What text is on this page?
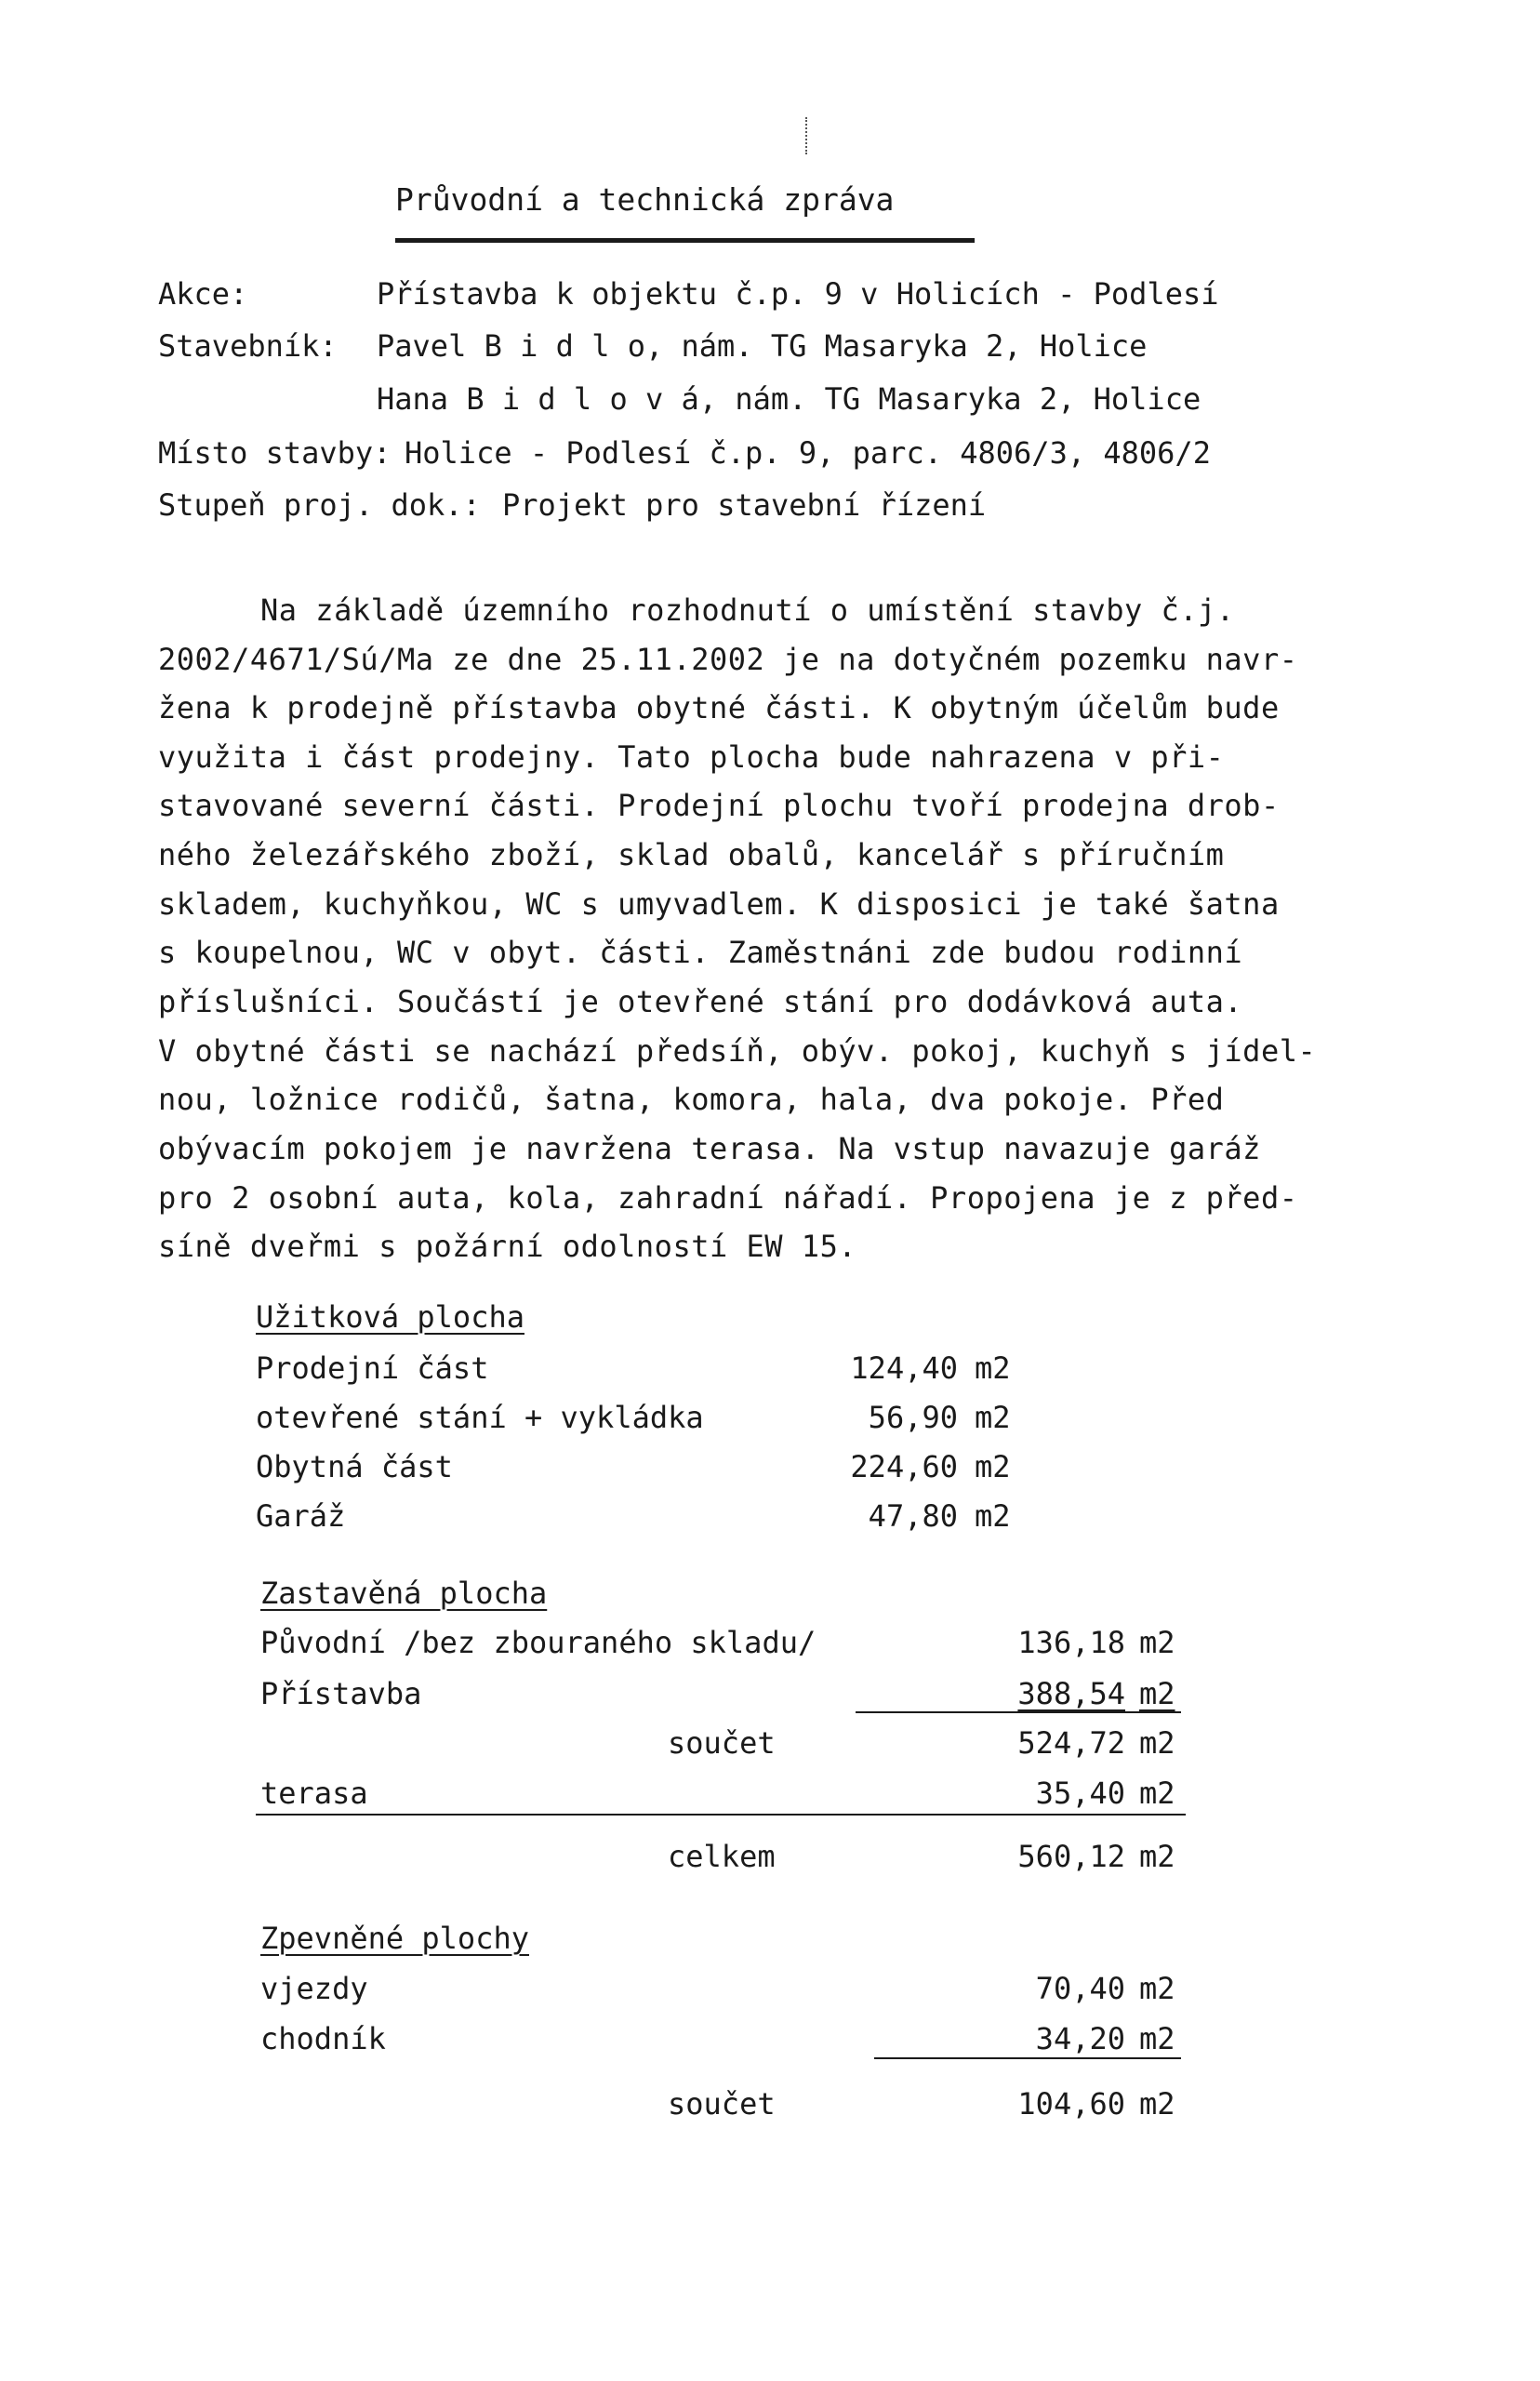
Průvodní a technická zpráva
Akce:	Přístavba k objektu č.p. 9 v Holicích - Podlesí
Stavebník: Pavel B i d l o, nám. TG Masaryka 2, Holice
Hana B i d l o v á, nám. TG Masaryka 2, Holice
Místo stavby: Holice - Podlesí č.p. 9, parc. 4806/3, 4806/2
Stupeň proj. dok.: Projekt pro stavební řízení
Na základě územního rozhodnutí o umístění stavby č.j.
2002/4671/Sú/Ma ze dne 25.11.2002 je na dotyčném pozemku navr-
žena k prodejně přístavba obytné části. K obytným účelům bude
využita i část prodejny. Tato plocha bude nahrazena v při-
stavované severní části. Prodejní plochu tvoří prodejna drob-
ného železářského zboží, sklad obalů, kancelář s příručním
skladem, kuchyňkou, WC s umyvadlem. K disposici je také šatna
s koupelnou, WC v obyt. části. Zaměstnáni zde budou rodinní
příslušníci. Součástí je otevřené stání pro dodávková auta.
V obytné části se nachází předsíň, obýv. pokoj, kuchyň s jídel-
nou, ložnice rodičů, šatna, komora, hala, dva pokoje. Před
obývacím pokojem je navržena terasa. Na vstup navazuje garáž
pro 2 osobní auta, kola, zahradní nářadí. Propojena je z před-
síně dveřmi s požární odolností EW 15.
Užitková plocha
Prodejní část	124,40 m2
otevřené stání + vykládka	56,90 m2
Obytná část	224,60 m2
Garáž	47,80 m2
Zastavěná plocha
Původní /bez zbouraného skladu/	136,18 m2
Přístavba	388,54 m2
součet	524,72 m2
terasa	35,40 m2
celkem	560,12 m2
Zpevněné plochy
vjezdy	70,40 m2
chodník	34,20 m2
součet	104,60 m2
